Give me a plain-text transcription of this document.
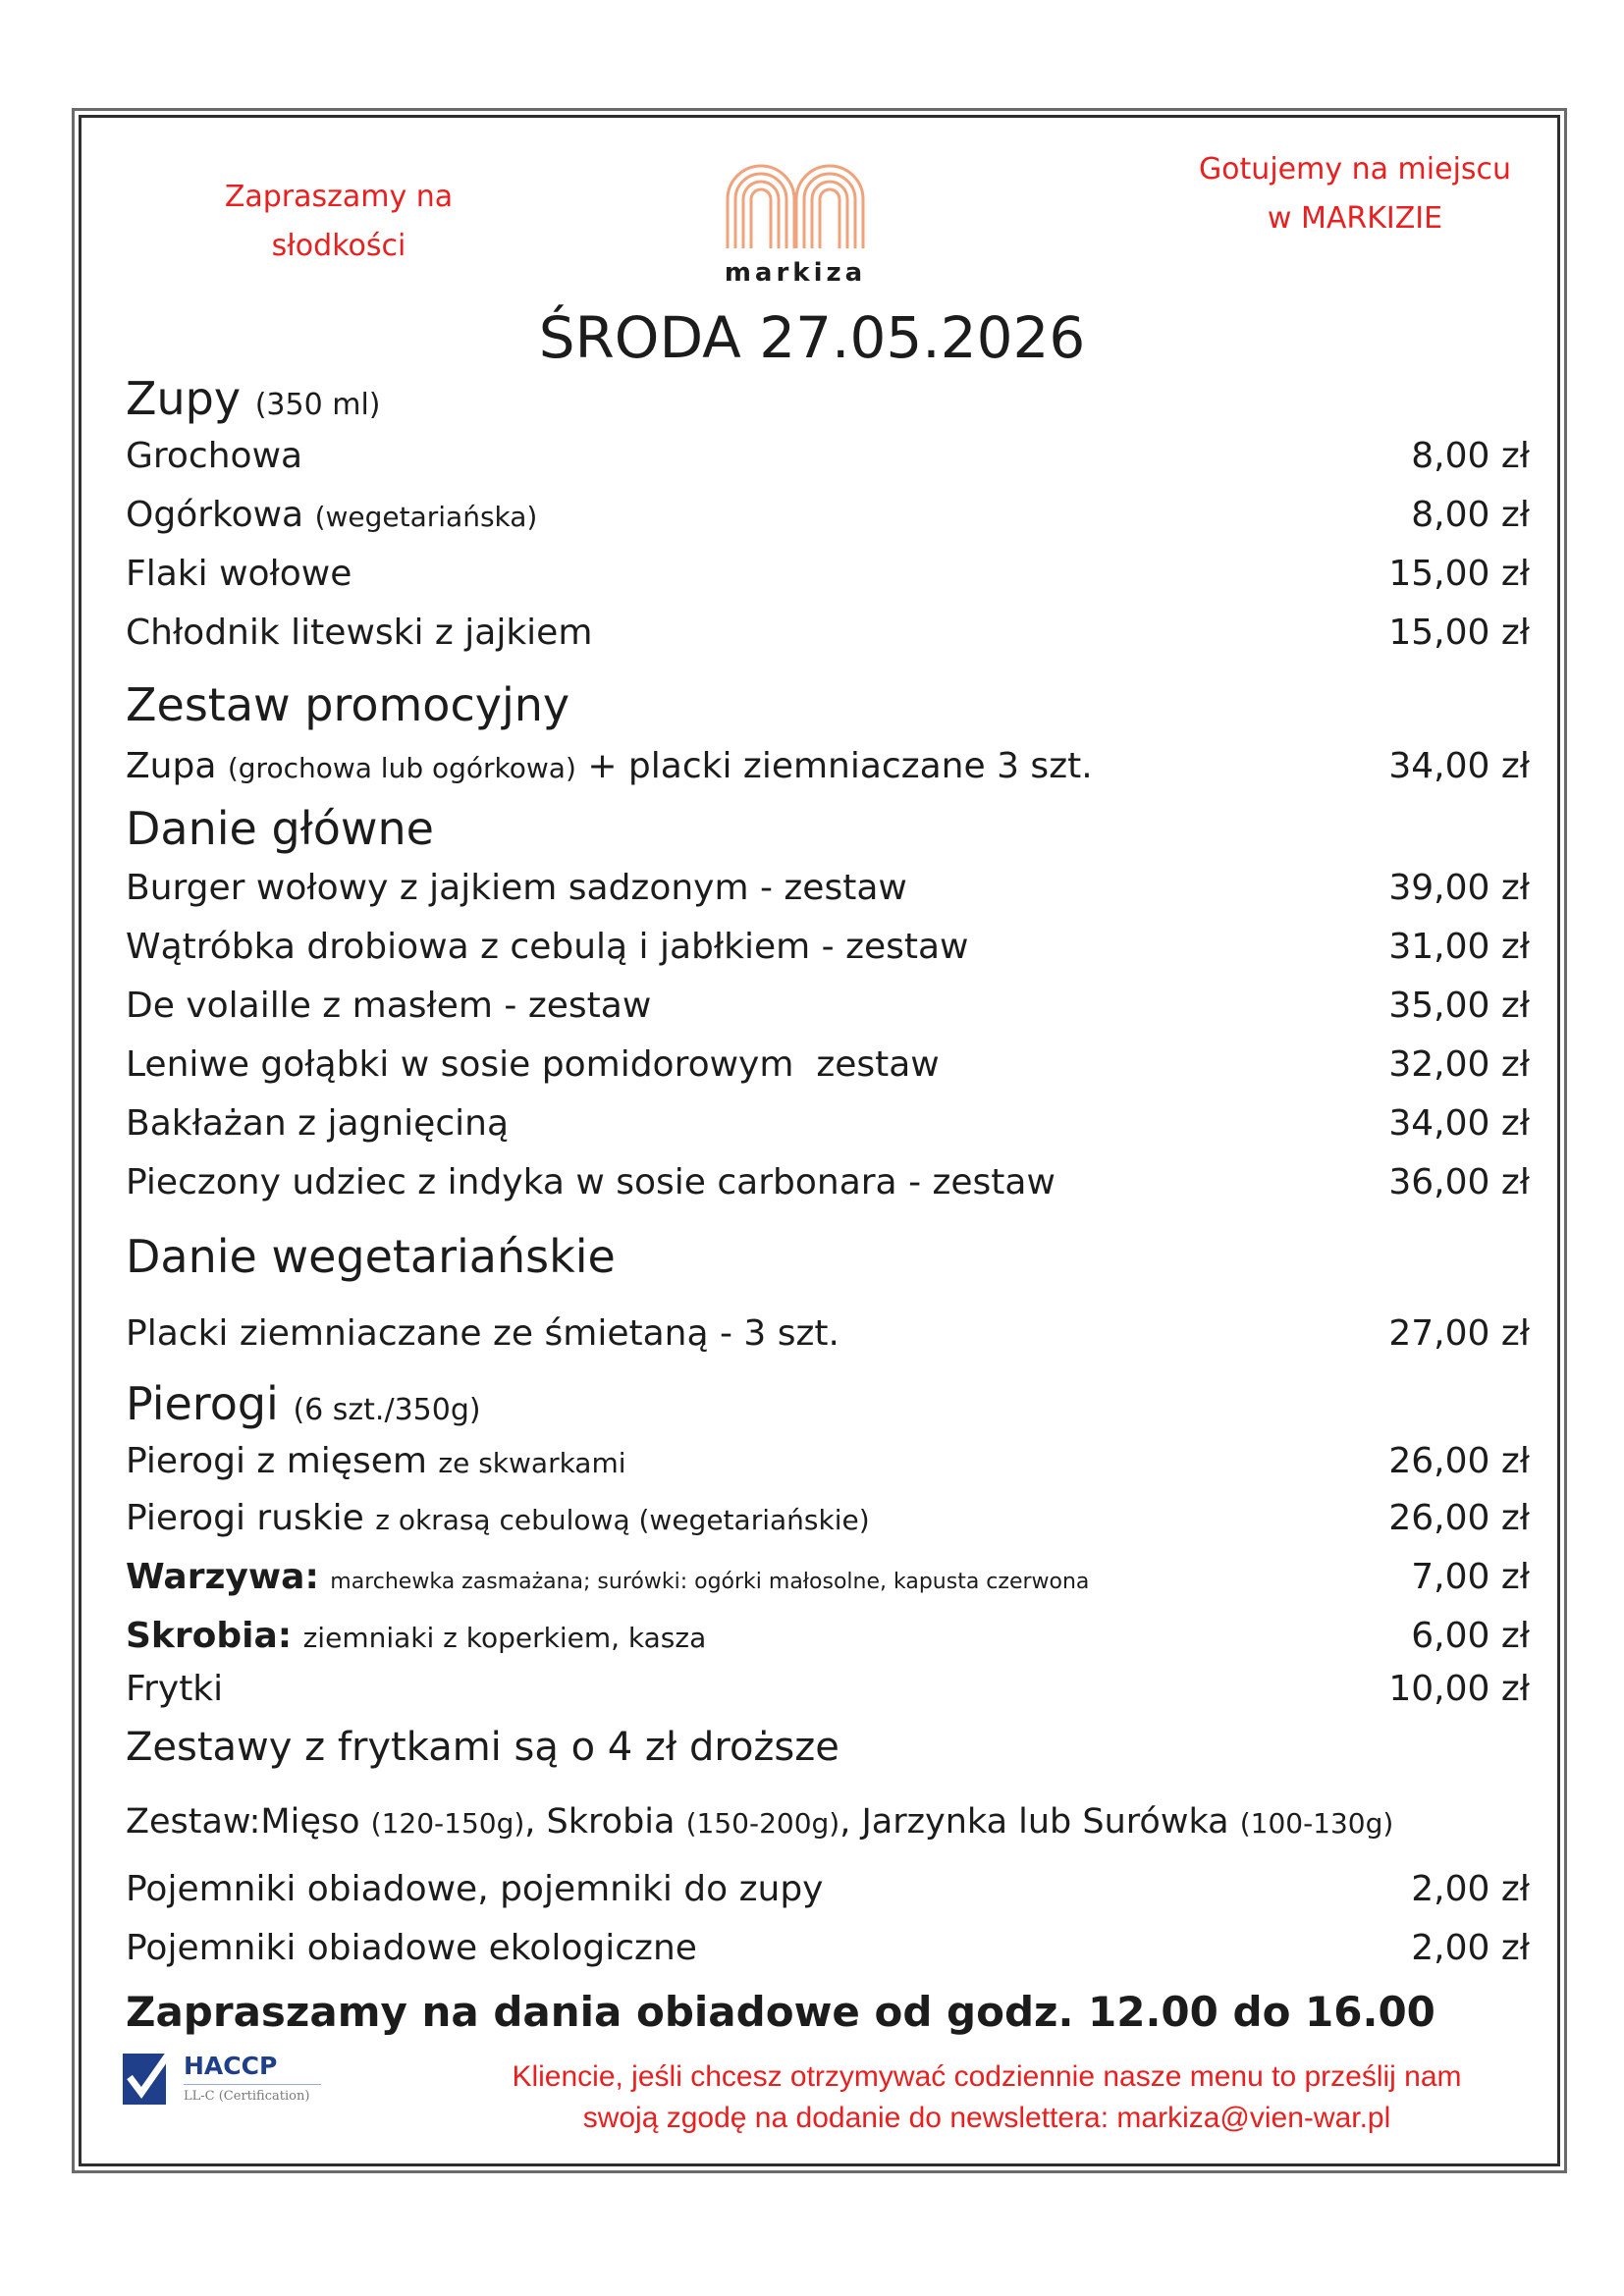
Zapraszamy na
słodkości
markiza
Gotujemy na miejscu
w MARKIZIE
ŚRODA 27.05.2026
Zupy (350 ml)
Grochowa	8,00 zł
Ogórkowa (wegetariańska)	8,00 zł
Flaki wołowe	15,00 zł
Chłodnik litewski z jajkiem	15,00 zł
Zestaw promocyjny
Zupa (grochowa lub ogórkowa) + placki ziemniaczane 3 szt.	34,00 zł
Danie główne
Burger wołowy z jajkiem sadzonym - zestaw	39,00 zł
Wątróbka drobiowa z cebulą i jabłkiem - zestaw	31,00 zł
De volaille z masłem - zestaw	35,00 zł
Leniwe gołąbki w sosie pomidorowym  zestaw	32,00 zł
Bakłażan z jagnięciną	34,00 zł
Pieczony udziec z indyka w sosie carbonara - zestaw	36,00 zł
Danie wegetariańskie
Placki ziemniaczane ze śmietaną - 3 szt.	27,00 zł
Pierogi (6 szt./350g)
Pierogi z mięsem ze skwarkami	26,00 zł
Pierogi ruskie z okrasą cebulową (wegetariańskie)	26,00 zł
Warzywa: marchewka zasmażana; surówki: ogórki małosolne, kapusta czerwona	7,00 zł
Skrobia: ziemniaki z koperkiem, kasza	6,00 zł
Frytki	10,00 zł
Zestawy z frytkami są o 4 zł droższe
Zestaw:Mięso (120-150g), Skrobia (150-200g), Jarzynka lub Surówka (100-130g)
Pojemniki obiadowe, pojemniki do zupy	2,00 zł
Pojemniki obiadowe ekologiczne	2,00 zł
Zapraszamy na dania obiadowe od godz. 12.00 do 16.00
HACCP
LL-C (Certification)
Kliencie, jeśli chcesz otrzymywać codziennie nasze menu to prześlij nam
swoją zgodę na dodanie do newslettera: markiza@vien-war.pl
